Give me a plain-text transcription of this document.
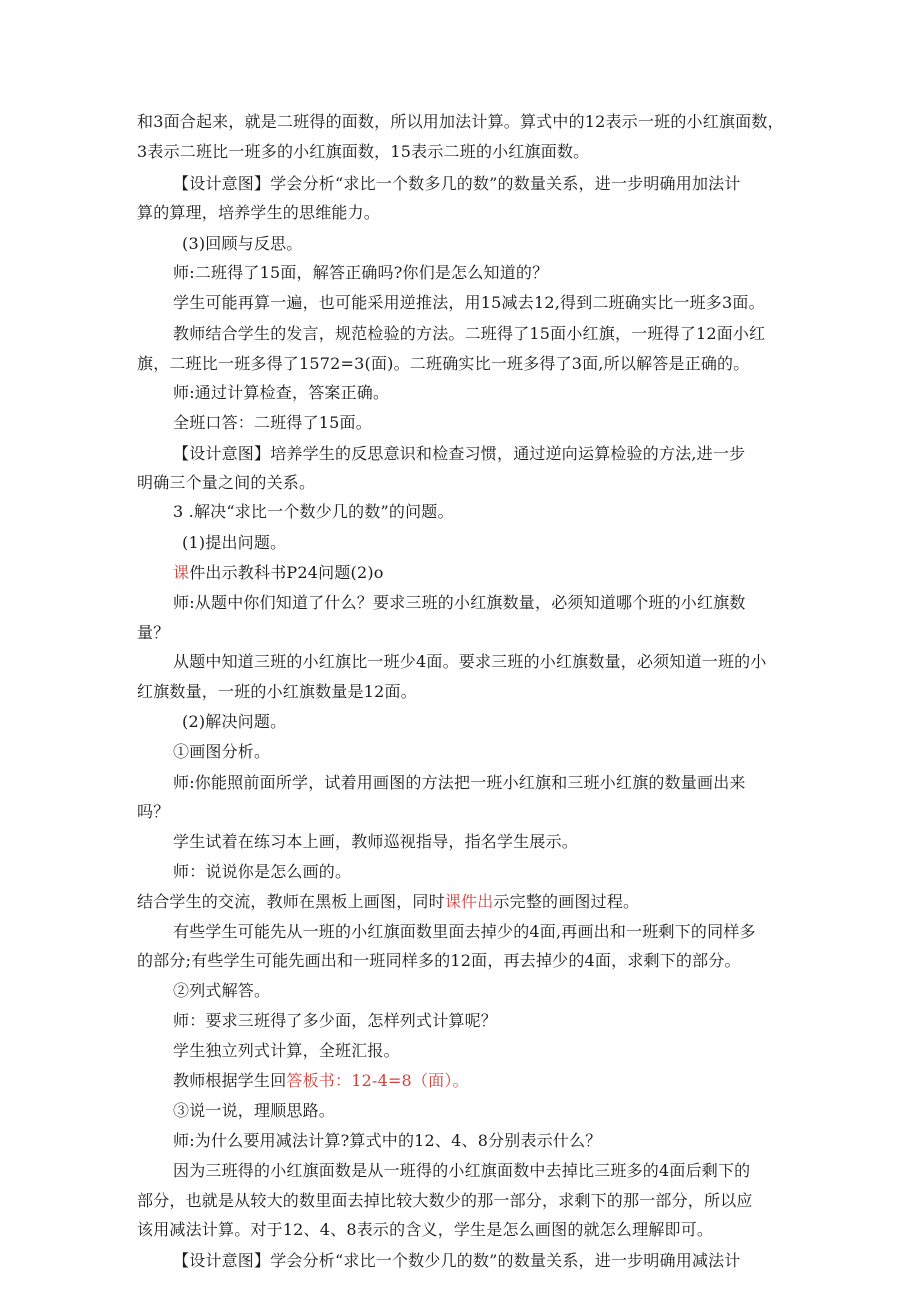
和3面合起来，就是二班得的面数，所以用加法计算。算式中的12表示一班的小红旗面数，
3表示二班比一班多的小红旗面数，15表示二班的小红旗面数。
【设计意图】学会分析“求比一个数多几的数”的数量关系，进一步明确用加法计
算的算理，培养学生的思维能力。
(3)回顾与反思。
师:二班得了15面，解答正确吗?你们是怎么知道的？
学生可能再算一遍，也可能采用逆推法，用15减去12,得到二班确实比一班多3面。
教师结合学生的发言，规范检验的方法。二班得了15面小红旗，一班得了12面小红
旗，二班比一班多得了1572=3(面)。二班确实比一班多得了3面,所以解答是正确的。
师:通过计算检查，答案正确。
全班口答：二班得了15面。
【设计意图】培养学生的反思意识和检查习惯，通过逆向运算检验的方法,进一步
明确三个量之间的关系。
3 .解决“求比一个数少几的数”的问题。
(1)提出问题。
课件出示教科书P24问题(2)o
师:从题中你们知道了什么？要求三班的小红旗数量，必须知道哪个班的小红旗数
量？
从题中知道三班的小红旗比一班少4面。要求三班的小红旗数量，必须知道一班的小
红旗数量，一班的小红旗数量是12面。
(2)解决问题。
①画图分析。
师:你能照前面所学，试着用画图的方法把一班小红旗和三班小红旗的数量画出来
吗？
学生试着在练习本上画，教师巡视指导，指名学生展示。
师：说说你是怎么画的。
结合学生的交流，教师在黑板上画图，同时课件出示完整的画图过程。
有些学生可能先从一班的小红旗面数里面去掉少的4面,再画出和一班剩下的同样多
的部分;有些学生可能先画出和一班同样多的12面，再去掉少的4面，求剩下的部分。
②列式解答。
师：要求三班得了多少面，怎样列式计算呢？
学生独立列式计算，全班汇报。
教师根据学生回答板书：12-4=8（面）。
③说一说，理顺思路。
师:为什么要用减法计算?算式中的12、4、8分别表示什么？
因为三班得的小红旗面数是从一班得的小红旗面数中去掉比三班多的4面后剩下的
部分，也就是从较大的数里面去掉比较大数少的那一部分，求剩下的那一部分，所以应
该用减法计算。对于12、4、8表示的含义，学生是怎么画图的就怎么理解即可。
【设计意图】学会分析“求比一个数少几的数”的数量关系，进一步明确用减法计
